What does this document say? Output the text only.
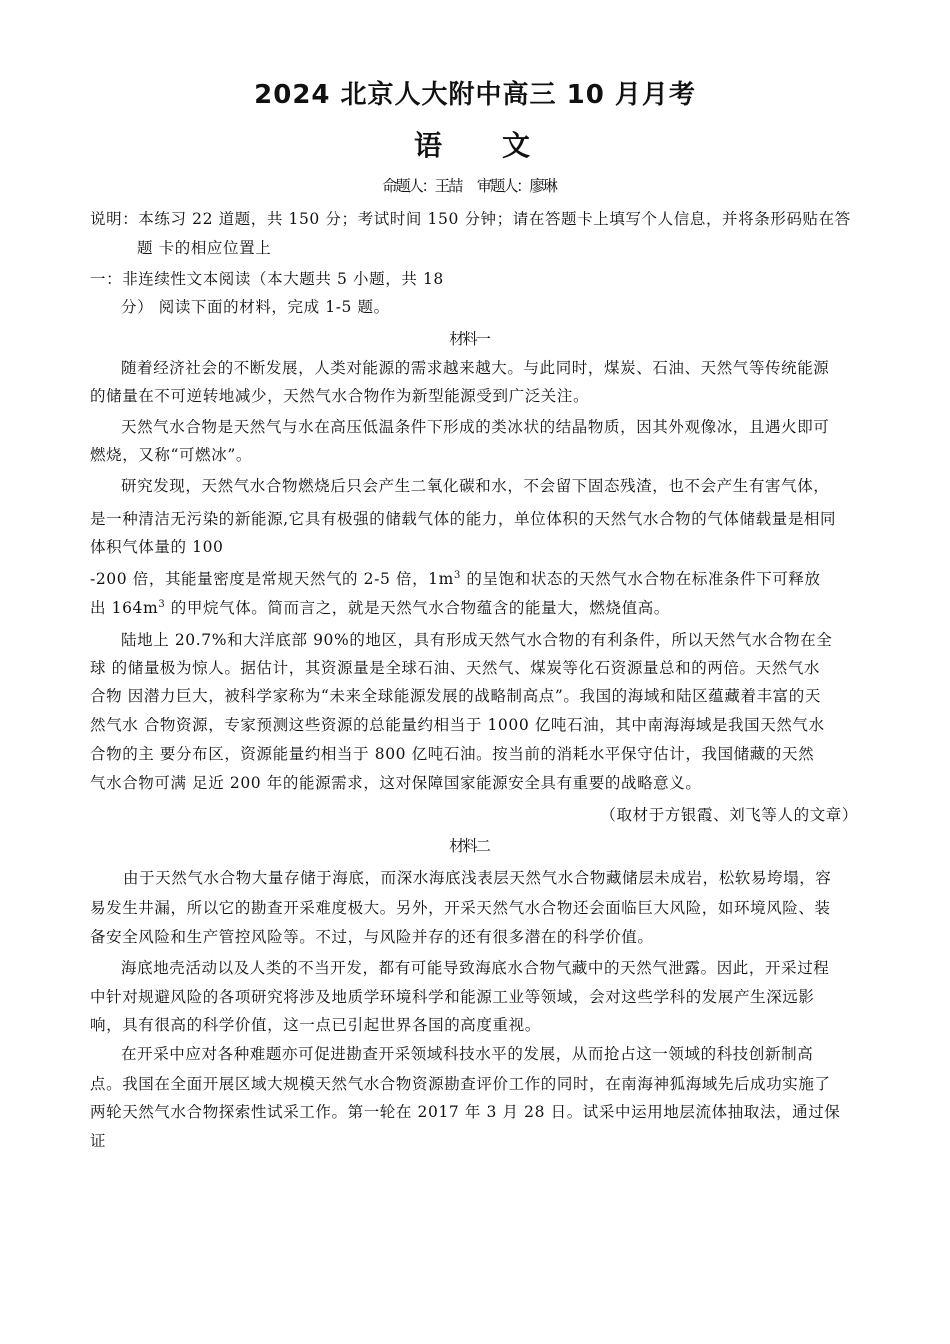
2024 北京人大附中高三 10 月月考
语 文
命题人：王喆　 审题人：廖琳
说明：本练习 22 道题，共 150 分；考试时间 150 分钟；请在答题卡上填写个人信息，并将条形码贴在答
题 卡的相应位置上
一：非连续性文本阅读（本大题共 5 小题，共 18
分） 阅读下面的材料，完成 1-5 题。
材料一
随着经济社会的不断发展，人类对能源的需求越来越大。与此同时，煤炭、石油、天然气等传统能源
的储量在不可逆转地减少，天然气水合物作为新型能源受到广泛关注。
天然气水合物是天然气与水在高压低温条件下形成的类冰状的结晶物质，因其外观像冰，且遇火即可
燃烧，又称“可燃冰”。
研究发现，天然气水合物燃烧后只会产生二氧化碳和水，不会留下固态残渣，也不会产生有害气体，
是一种清洁无污染的新能源,它具有极强的储载气体的能力，单位体积的天然气水合物的气体储载量是相同
体积气体量的 100
-200 倍，其能量密度是常规天然气的 2-5 倍，$1m^3$ 的呈饱和状态的天然气水合物在标准条件下可释放
出 $164m^3$ 的甲烷气体。简而言之，就是天然气水合物蕴含的能量大，燃烧值高。
陆地上 20.7%和大洋底部 90%的地区，具有形成天然气水合物的有利条件，所以天然气水合物在全
球 的储量极为惊人。据估计，其资源量是全球石油、天然气、煤炭等化石资源量总和的两倍。天然气水
合物 因潜力巨大，被科学家称为“未来全球能源发展的战略制高点”。我国的海域和陆区蕴藏着丰富的天
然气水 合物资源，专家预测这些资源的总能量约相当于 1000 亿吨石油，其中南海海域是我国天然气水
合物的主 要分布区，资源能量约相当于 800 亿吨石油。按当前的消耗水平保守估计，我国储藏的天然
气水合物可满 足近 200 年的能源需求，这对保障国家能源安全具有重要的战略意义。
（取材于方银霞、刘飞等人的文章）
材料二
由于天然气水合物大量存储于海底，而深水海底浅表层天然气水合物藏储层未成岩，松软易垮塌，容
易发生井漏，所以它的勘查开采难度极大。另外，开采天然气水合物还会面临巨大风险，如环境风险、装
备安全风险和生产管控风险等。不过，与风险并存的还有很多潜在的科学价值。
海底地壳活动以及人类的不当开发，都有可能导致海底水合物气藏中的天然气泄露。因此，开采过程
中针对规避风险的各项研究将涉及地质学环境科学和能源工业等领域，会对这些学科的发展产生深远影
响，具有很高的科学价值，这一点已引起世界各国的高度重视。
在开采中应对各种难题亦可促进勘查开采领域科技水平的发展，从而抢占这一领域的科技创新制高
点。我国在全面开展区域大规模天然气水合物资源勘查评价工作的同时，在南海神狐海域先后成功实施了
两轮天然气水合物探索性试采工作。第一轮在 2017 年 3 月 28 日。试采中运用地层流体抽取法，通过保
证
